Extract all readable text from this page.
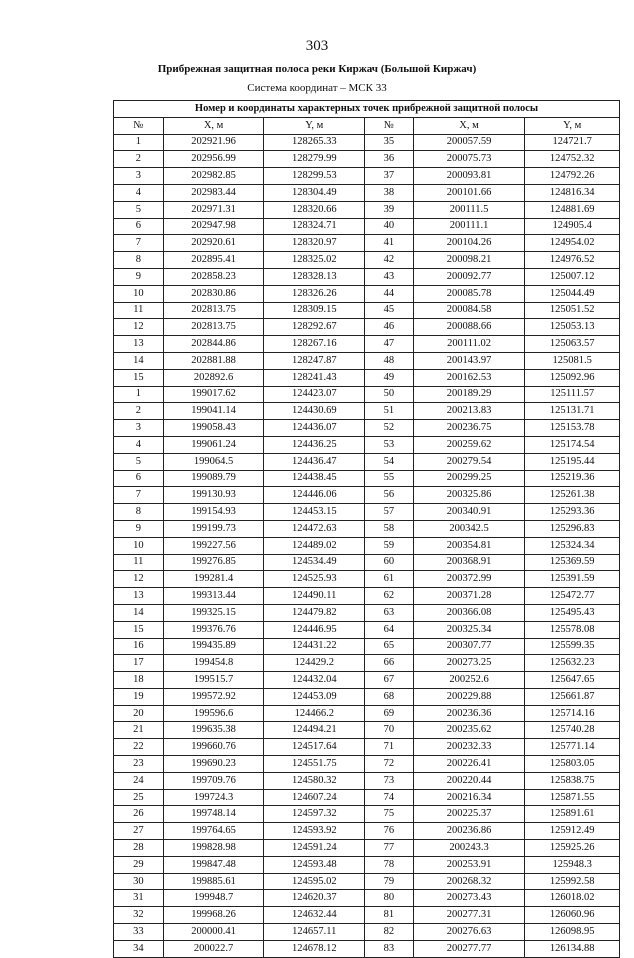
303
Прибрежная защитная полоса реки Киржач (Большой Киржач)
Система координат – МСК 33
Номер и координаты характерных точек прибрежной защитной полосы					
№	X, м	Y, м	№	X, м	Y, м
1	202921.96	128265.33	35	200057.59	124721.7
2	202956.99	128279.99	36	200075.73	124752.32
3	202982.85	128299.53	37	200093.81	124792.26
4	202983.44	128304.49	38	200101.66	124816.34
5	202971.31	128320.66	39	200111.5	124881.69
6	202947.98	128324.71	40	200111.1	124905.4
7	202920.61	128320.97	41	200104.26	124954.02
8	202895.41	128325.02	42	200098.21	124976.52
9	202858.23	128328.13	43	200092.77	125007.12
10	202830.86	128326.26	44	200085.78	125044.49
11	202813.75	128309.15	45	200084.58	125051.52
12	202813.75	128292.67	46	200088.66	125053.13
13	202844.86	128267.16	47	200111.02	125063.57
14	202881.88	128247.87	48	200143.97	125081.5
15	202892.6	128241.43	49	200162.53	125092.96
1	199017.62	124423.07	50	200189.29	125111.57
2	199041.14	124430.69	51	200213.83	125131.71
3	199058.43	124436.07	52	200236.75	125153.78
4	199061.24	124436.25	53	200259.62	125174.54
5	199064.5	124436.47	54	200279.54	125195.44
6	199089.79	124438.45	55	200299.25	125219.36
7	199130.93	124446.06	56	200325.86	125261.38
8	199154.93	124453.15	57	200340.91	125293.36
9	199199.73	124472.63	58	200342.5	125296.83
10	199227.56	124489.02	59	200354.81	125324.34
11	199276.85	124534.49	60	200368.91	125369.59
12	199281.4	124525.93	61	200372.99	125391.59
13	199313.44	124490.11	62	200371.28	125472.77
14	199325.15	124479.82	63	200366.08	125495.43
15	199376.76	124446.95	64	200325.34	125578.08
16	199435.89	124431.22	65	200307.77	125599.35
17	199454.8	124429.2	66	200273.25	125632.23
18	199515.7	124432.04	67	200252.6	125647.65
19	199572.92	124453.09	68	200229.88	125661.87
20	199596.6	124466.2	69	200236.36	125714.16
21	199635.38	124494.21	70	200235.62	125740.28
22	199660.76	124517.64	71	200232.33	125771.14
23	199690.23	124551.75	72	200226.41	125803.05
24	199709.76	124580.32	73	200220.44	125838.75
25	199724.3	124607.24	74	200216.34	125871.55
26	199748.14	124597.32	75	200225.37	125891.61
27	199764.65	124593.92	76	200236.86	125912.49
28	199828.98	124591.24	77	200243.3	125925.26
29	199847.48	124593.48	78	200253.91	125948.3
30	199885.61	124595.02	79	200268.32	125992.58
31	199948.7	124620.37	80	200273.43	126018.02
32	199968.26	124632.44	81	200277.31	126060.96
33	200000.41	124657.11	82	200276.63	126098.95
34	200022.7	124678.12	83	200277.77	126134.88
